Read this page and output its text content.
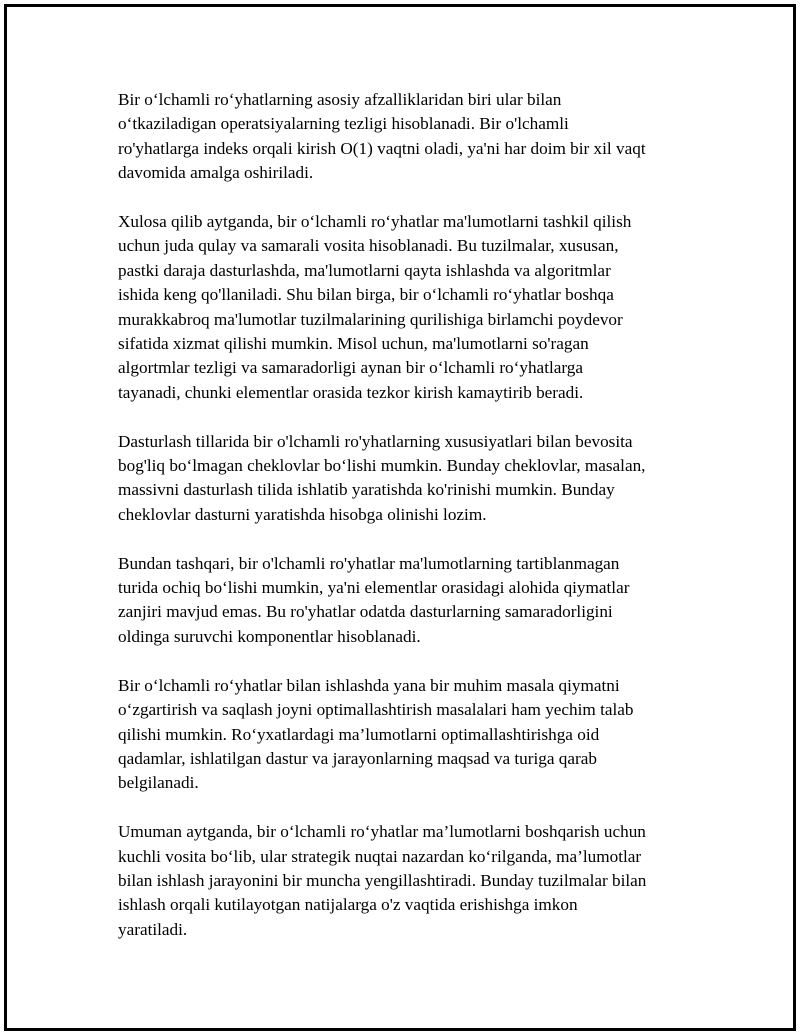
Bir o‘lchamli ro‘yhatlarning asosiy afzalliklaridan biri ular bilan
o‘tkaziladigan operatsiyalarning tezligi hisoblanadi. Bir o'lchamli
ro'yhatlarga indeks orqali kirish O(1) vaqtni oladi, ya'ni har doim bir xil vaqt
davomida amalga oshiriladi.

Xulosa qilib aytganda, bir o‘lchamli ro‘yhatlar ma'lumotlarni tashkil qilish
uchun juda qulay va samarali vosita hisoblanadi. Bu tuzilmalar, xususan,
pastki daraja dasturlashda, ma'lumotlarni qayta ishlashda va algoritmlar
ishida keng qo'llaniladi. Shu bilan birga, bir o‘lchamli ro‘yhatlar boshqa
murakkabroq ma'lumotlar tuzilmalarining qurilishiga birlamchi poydevor
sifatida xizmat qilishi mumkin. Misol uchun, ma'lumotlarni so'ragan
algortmlar tezligi va samaradorligi aynan bir o‘lchamli ro‘yhatlarga
tayanadi, chunki elementlar orasida tezkor kirish kamaytirib beradi.

Dasturlash tillarida bir o'lchamli ro'yhatlarning xususiyatlari bilan bevosita
bog'liq bo‘lmagan cheklovlar bo‘lishi mumkin. Bunday cheklovlar, masalan,
massivni dasturlash tilida ishlatib yaratishda ko'rinishi mumkin. Bunday
cheklovlar dasturni yaratishda hisobga olinishi lozim.

Bundan tashqari, bir o'lchamli ro'yhatlar ma'lumotlarning tartiblanmagan
turida ochiq bo‘lishi mumkin, ya'ni elementlar orasidagi alohida qiymatlar
zanjiri mavjud emas. Bu ro'yhatlar odatda dasturlarning samaradorligini
oldinga suruvchi komponentlar hisoblanadi.

Bir o‘lchamli ro‘yhatlar bilan ishlashda yana bir muhim masala qiymatni
o‘zgartirish va saqlash joyni optimallashtirish masalalari ham yechim talab
qilishi mumkin. Ro‘yxatlardagi ma’lumotlarni optimallashtirishga oid
qadamlar, ishlatilgan dastur va jarayonlarning maqsad va turiga qarab
belgilanadi.

Umuman aytganda, bir o‘lchamli ro‘yhatlar ma’lumotlarni boshqarish uchun
kuchli vosita bo‘lib, ular strategik nuqtai nazardan ko‘rilganda, ma’lumotlar
bilan ishlash jarayonini bir muncha yengillashtiradi. Bunday tuzilmalar bilan
ishlash orqali kutilayotgan natijalarga o'z vaqtida erishishga imkon
yaratiladi.
